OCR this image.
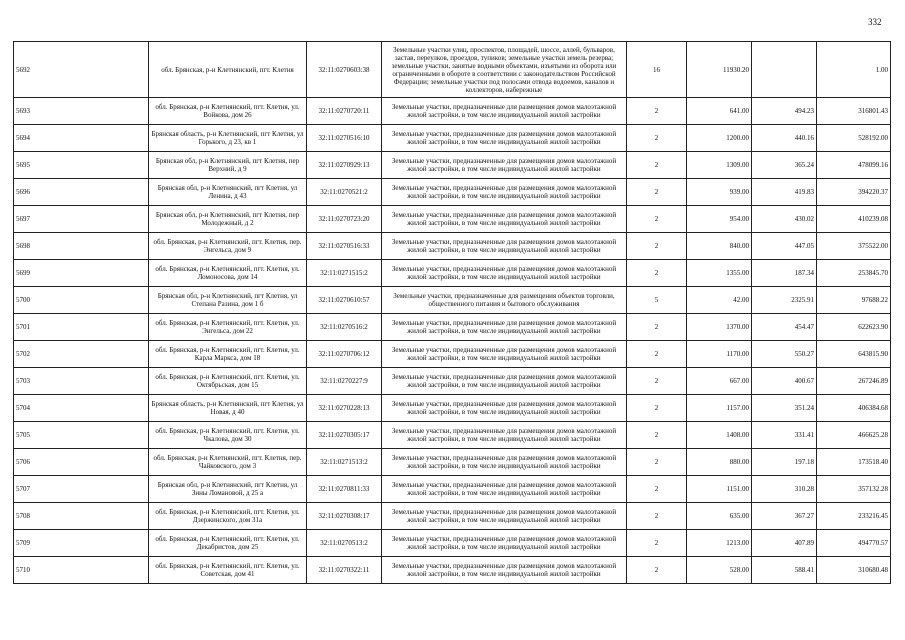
332
5692	обл. Брянская, р-н Клетнянский, пгт. Клетня	32:11:0270603:38	Земельные участки улиц, проспектов, площадей, шоссе, аллей, бульваров, застав, переулков, проездов, тупиков; земельные участки земель резерва; земельные участки, занятые водными объектами, изъятыми из оборота или ограниченными в обороте в соответствии с законодательством Российской Федерации; земельные участки под полосами отвода водоемов, каналов и коллекторов, набережные	16	11930.20		1.00
5693	обл. Брянская, р-н Клетнянский, пгт. Клетня, ул. Войкова, дом 26	32:11:0270720:11	Земельные участки, предназначенные для размещения домов малоэтажной жилой застройки, в том числе индивидуальной жилой застройки	2	641.00	494.23	316801.43
5694	Брянская область, р-н Клетнянский, пгт Клетня, ул Горького, д 23, кв 1	32:11:0270516:10	Земельные участки, предназначенные для размещения домов малоэтажной жилой застройки, в том числе индивидуальной жилой застройки	2	1200.00	440.16	528192.00
5695	Брянская обл, р-н Клетнянский, пгт Клетня, пер Верхний, д 9	32:11:0270929:13	Земельные участки, предназначенные для размещения домов малоэтажной жилой застройки, в том числе индивидуальной жилой застройки	2	1309.00	365.24	478099.16
5696	Брянская обл, р-н Клетнянский, пгт Клетня, ул Ленина, д 43	32:11:0270521:2	Земельные участки, предназначенные для размещения домов малоэтажной жилой застройки, в том числе индивидуальной жилой застройки	2	939.00	419.83	394220.37
5697	Брянская обл, р-н Клетнянский, пгт Клетня, пер Молодежный, д 2	32:11:0270723:20	Земельные участки, предназначенные для размещения домов малоэтажной жилой застройки, в том числе индивидуальной жилой застройки	2	954.00	430.02	410239.08
5698	обл. Брянская, р-н Клетнянский, пгт. Клетня, пер. Энгельса, дом 9	32:11:0270516:33	Земельные участки, предназначенные для размещения домов малоэтажной жилой застройки, в том числе индивидуальной жилой застройки	2	840.00	447.05	375522.00
5699	обл. Брянская, р-н Клетнянский, пгт. Клетня, ул. Ломоносова, дом 14	32:11:0271515:2	Земельные участки, предназначенные для размещения домов малоэтажной жилой застройки, в том числе индивидуальной жилой застройки	2	1355.00	187.34	253845.70
5700	Брянская обл, р-н Клетнянский, пгт Клетня, ул Степана Разина, дом 1 б	32:11:0270610:57	Земельные участки, предназначенные для размещения объектов торговли, общественного питания и бытового обслуживания	5	42.00	2325.91	97688.22
5701	обл. Брянская, р-н Клетнянский, пгт. Клетня, ул. Энгельса, дом 22	32:11:0270516:2	Земельные участки, предназначенные для размещения домов малоэтажной жилой застройки, в том числе индивидуальной жилой застройки	2	1370.00	454.47	622623.90
5702	обл. Брянская, р-н Клетнянский, пгт. Клетня, ул. Карла Маркса, дом 18	32:11:0270706:12	Земельные участки, предназначенные для размещения домов малоэтажной жилой застройки, в том числе индивидуальной жилой застройки	2	1170.00	550.27	643815.90
5703	обл. Брянская, р-н Клетнянский, пгт. Клетня, ул. Октябрьская, дом 15	32:11:0270227:9	Земельные участки, предназначенные для размещения домов малоэтажной жилой застройки, в том числе индивидуальной жилой застройки	2	667.00	400.67	267246.89
5704	Брянская область, р-н Клетнянский, пгт Клетня, ул Новая, д 40	32:11:0270228:13	Земельные участки, предназначенные для размещения домов малоэтажной жилой застройки, в том числе индивидуальной жилой застройки	2	1157.00	351.24	406384.68
5705	обл. Брянская, р-н Клетнянский, пгт. Клетня, ул. Чкалова, дом 30	32:11:0270305:17	Земельные участки, предназначенные для размещения домов малоэтажной жилой застройки, в том числе индивидуальной жилой застройки	2	1408.00	331.41	466625.28
5706	обл. Брянская, р-н Клетнянский, пгт. Клетня, пер. Чайковского, дом 3	32:11:0271513:2	Земельные участки, предназначенные для размещения домов малоэтажной жилой застройки, в том числе индивидуальной жилой застройки	2	880.00	197.18	173518.40
5707	Брянская обл, р-н Клетнянский, пгт Клетня, ул Зины Ломановой, д 25 а	32:11:0270811:33	Земельные участки, предназначенные для размещения домов малоэтажной жилой застройки, в том числе индивидуальной жилой застройки	2	1151.00	310.28	357132.28
5708	обл. Брянская, р-н Клетнянский, пгт. Клетня, ул. Дзержинского, дом 31а	32:11:0270308:17	Земельные участки, предназначенные для размещения домов малоэтажной жилой застройки, в том числе индивидуальной жилой застройки	2	635.00	367.27	233216.45
5709	обл. Брянская, р-н Клетнянский, пгт. Клетня, ул. Декабристов, дом 25	32:11:0270513:2	Земельные участки, предназначенные для размещения домов малоэтажной жилой застройки, в том числе индивидуальной жилой застройки	2	1213.00	407.89	494770.57
5710	обл. Брянская, р-н Клетнянский, пгт. Клетня, ул. Советская, дом 41	32:11:0270322:11	Земельные участки, предназначенные для размещения домов малоэтажной жилой застройки, в том числе индивидуальной жилой застройки	2	528.00	588.41	310680.48
